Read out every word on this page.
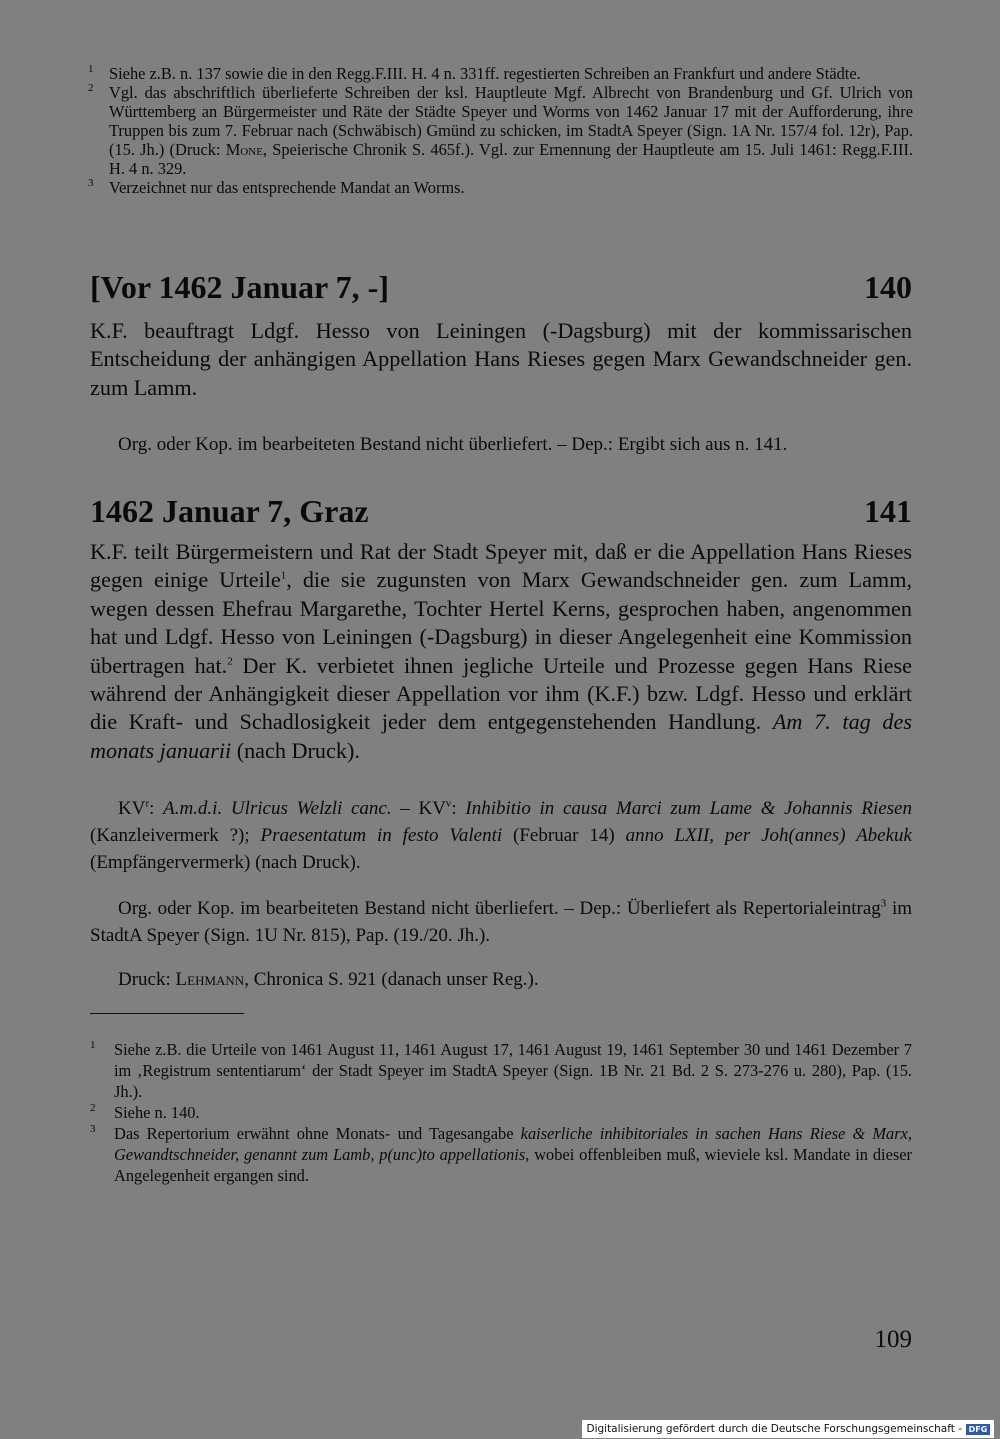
1 Siehe z.B. n. 137 sowie die in den Regg.F.III. H. 4 n. 331ff. regestierten Schreiben an Frankfurt und andere Städte.
2 Vgl. das abschriftlich überlieferte Schreiben der ksl. Hauptleute Mgf. Albrecht von Brandenburg und Gf. Ulrich von Württemberg an Bürgermeister und Räte der Städte Speyer und Worms von 1462 Januar 17 mit der Aufforderung, ihre Truppen bis zum 7. Februar nach (Schwäbisch) Gmünd zu schicken, im StadtA Speyer (Sign. 1A Nr. 157/4 fol. 12r), Pap. (15. Jh.) (Druck: Mone, Speierische Chronik S. 465f.). Vgl. zur Ernennung der Hauptleute am 15. Juli 1461: Regg.F.III. H. 4 n. 329.
3 Verzeichnet nur das entsprechende Mandat an Worms.
[Vor 1462 Januar 7, -]	140
K.F. beauftragt Ldgf. Hesso von Leiningen (-Dagsburg) mit der kommissarischen Entscheidung der anhängigen Appellation Hans Rieses gegen Marx Gewandschneider gen. zum Lamm.
Org. oder Kop. im bearbeiteten Bestand nicht überliefert. – Dep.: Ergibt sich aus n. 141.
1462 Januar 7, Graz	141
K.F. teilt Bürgermeistern und Rat der Stadt Speyer mit, daß er die Appellation Hans Rieses gegen einige Urteile$^1$, die sie zugunsten von Marx Gewandschneider gen. zum Lamm, wegen dessen Ehefrau Margarethe, Tochter Hertel Kerns, gesprochen haben, angenommen hat und Ldgf. Hesso von Leiningen (-Dagsburg) in dieser Angelegenheit eine Kommission übertragen hat.$^2$ Der K. verbietet ihnen jegliche Urteile und Prozesse gegen Hans Riese während der Anhängigkeit dieser Appellation vor ihm (K.F.) bzw. Ldgf. Hesso und erklärt die Kraft- und Schadlosigkeit jeder dem entgegenstehenden Handlung. Am 7. tag des monats januarii (nach Druck).
$KV^r$: A.m.d.i. Ulricus Welzli canc. – $KV^v$: Inhibitio in causa Marci zum Lame & Johannis Riesen (Kanzleivermerk ?); Praesentatum in festo Valenti (Februar 14) anno LXII, per Joh(annes) Abekuk (Empfängervermerk) (nach Druck).
Org. oder Kop. im bearbeiteten Bestand nicht überliefert. – Dep.: Überliefert als Repertorialeintrag$^3$ im StadtA Speyer (Sign. 1U Nr. 815), Pap. (19./20. Jh.).
Druck: Lehmann, Chronica S. 921 (danach unser Reg.).
1 Siehe z.B. die Urteile von 1461 August 11, 1461 August 17, 1461 August 19, 1461 September 30 und 1461 Dezember 7 im ‚Registrum sententiarum‘ der Stadt Speyer im StadtA Speyer (Sign. 1B Nr. 21 Bd. 2 S. 273-276 u. 280), Pap. (15. Jh.).
2 Siehe n. 140.
3 Das Repertorium erwähnt ohne Monats- und Tagesangabe kaiserliche inhibitoriales in sachen Hans Riese & Marx, Gewandtschneider, genannt zum Lamb, p(unc)to appellationis, wobei offenbleiben muß, wieviele ksl. Mandate in dieser Angelegenheit ergangen sind.
109
Digitalisierung gefördert durch die Deutsche Forschungsgemeinschaft - DFG
